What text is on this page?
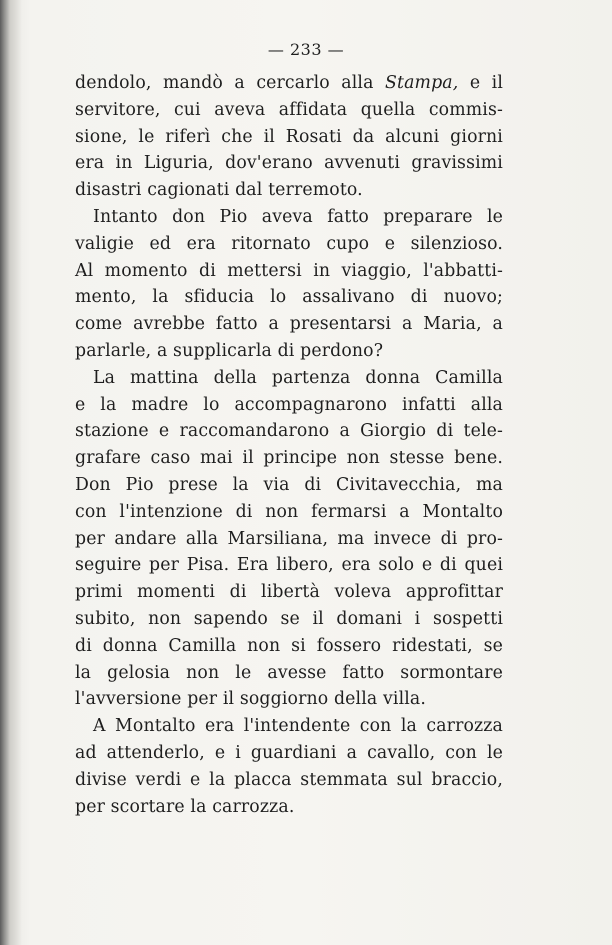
— 233 —
dendolo, mandò a cercarlo alla Stampa, e il
servitore, cui aveva affidata quella commis-
sione, le riferì che il Rosati da alcuni giorni
era in Liguria, dov'erano avvenuti gravissimi
disastri cagionati dal terremoto.
Intanto don Pio aveva fatto preparare le
valigie ed era ritornato cupo e silenzioso.
Al momento di mettersi in viaggio, l'abbatti-
mento, la sfiducia lo assalivano di nuovo;
come avrebbe fatto a presentarsi a Maria, a
parlarle, a supplicarla di perdono?
La mattina della partenza donna Camilla
e la madre lo accompagnarono infatti alla
stazione e raccomandarono a Giorgio di tele-
grafare caso mai il principe non stesse bene.
Don Pio prese la via di Civitavecchia, ma
con l'intenzione di non fermarsi a Montalto
per andare alla Marsiliana, ma invece di pro-
seguire per Pisa. Era libero, era solo e di quei
primi momenti di libertà voleva approfittar
subito, non sapendo se il domani i sospetti
di donna Camilla non si fossero ridestati, se
la gelosia non le avesse fatto sormontare
l'avversione per il soggiorno della villa.
A Montalto era l'intendente con la carrozza
ad attenderlo, e i guardiani a cavallo, con le
divise verdi e la placca stemmata sul braccio,
per scortare la carrozza.
